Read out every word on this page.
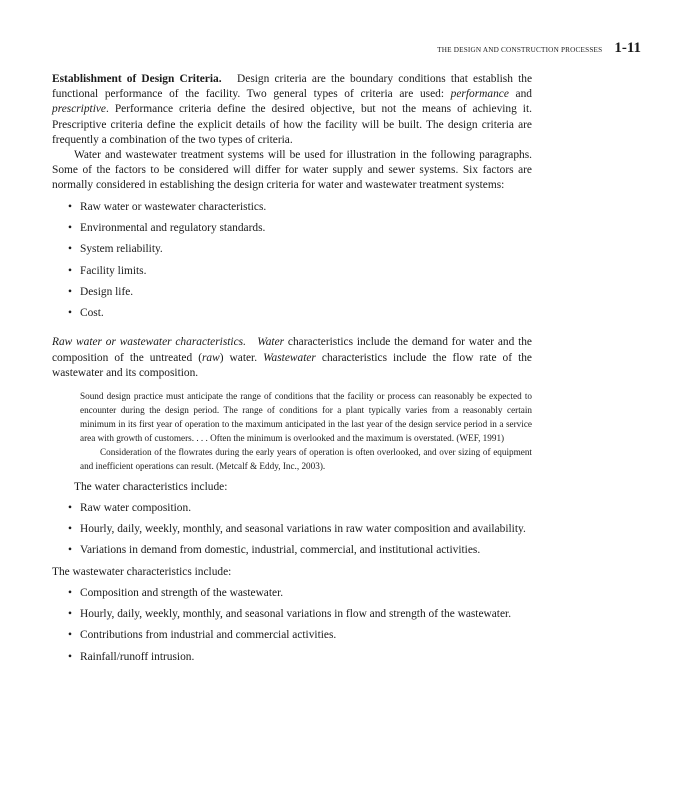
THE DESIGN AND CONSTRUCTION PROCESSES 1-11

Establishment of Design Criteria. Design criteria are the boundary conditions that establish the functional performance of the facility. Two general types of criteria are used: performance and prescriptive. Performance criteria define the desired objective, but not the means of achieving it. Prescriptive criteria define the explicit details of how the facility will be built. The design criteria are frequently a combination of the two types of criteria.

Water and wastewater treatment systems will be used for illustration in the following paragraphs. Some of the factors to be considered will differ for water supply and sewer systems. Six factors are normally considered in establishing the design criteria for water and wastewater treatment systems:

• Raw water or wastewater characteristics.
• Environmental and regulatory standards.
• System reliability.
• Facility limits.
• Design life.
• Cost.

Raw water or wastewater characteristics. Water characteristics include the demand for water and the composition of the untreated (raw) water. Wastewater characteristics include the flow rate of the wastewater and its composition.

Sound design practice must anticipate the range of conditions that the facility or process can reasonably be expected to encounter during the design period. The range of conditions for a plant typically varies from a reasonably certain minimum in its first year of operation to the maximum anticipated in the last year of the design service period in a service area with growth of customers. . . . Often the minimum is overlooked and the maximum is overstated. (WEF, 1991)

Consideration of the flowrates during the early years of operation is often overlooked, and over sizing of equipment and inefficient operations can result. (Metcalf & Eddy, Inc., 2003).

The water characteristics include:

• Raw water composition.
• Hourly, daily, weekly, monthly, and seasonal variations in raw water composition and availability.
• Variations in demand from domestic, industrial, commercial, and institutional activities.

The wastewater characteristics include:

• Composition and strength of the wastewater.
• Hourly, daily, weekly, monthly, and seasonal variations in flow and strength of the wastewater.
• Contributions from industrial and commercial activities.
• Rainfall/runoff intrusion.
